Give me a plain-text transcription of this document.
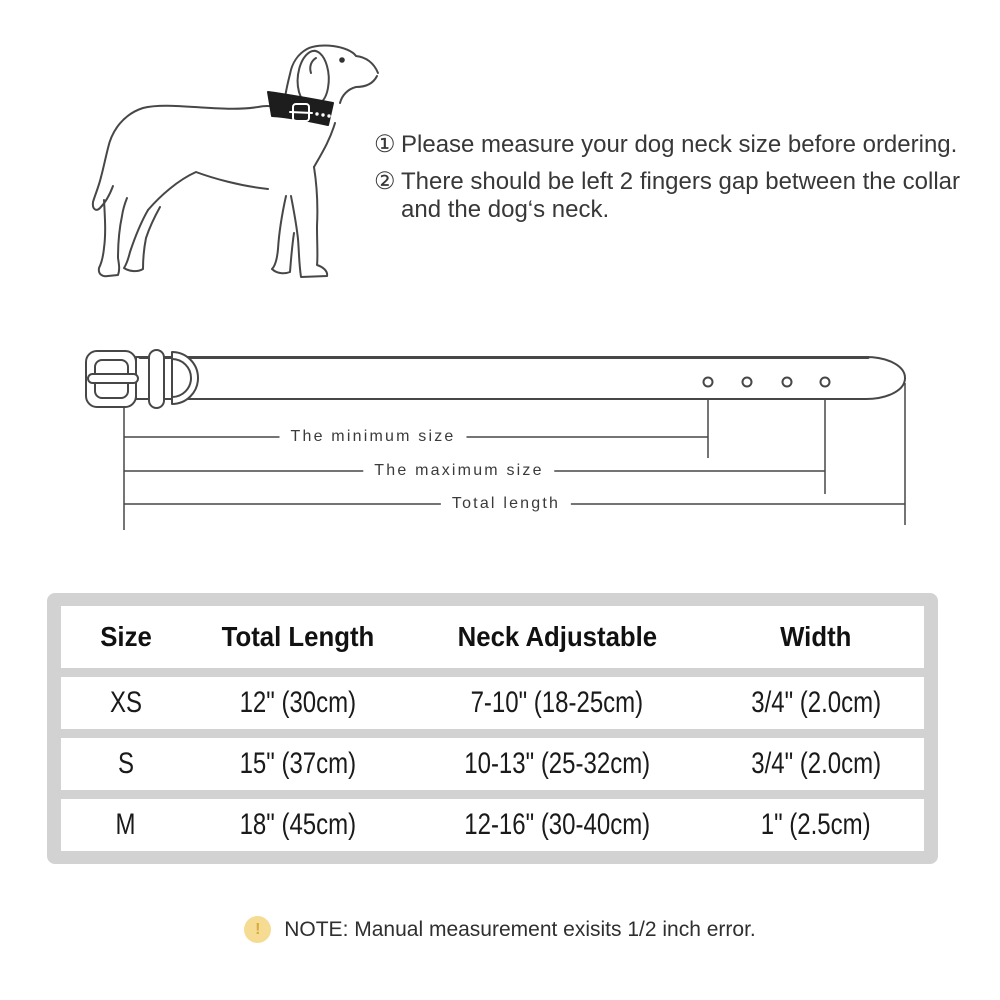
① Please measure your dog neck size before ordering.

② There should be left 2 fingers gap between the collar and the dog‘s neck.

The minimum size
The maximum size
Total length
Size	Total Length	Neck Adjustable	Width
XS	12" (30cm)	7-10" (18-25cm)	3/4" (2.0cm)
S	15" (37cm)	10-13" (25-32cm)	3/4" (2.0cm)
M	18" (45cm)	12-16" (30-40cm)	1" (2.5cm)
!	NOTE: Manual measurement exisits 1/2 inch error.
